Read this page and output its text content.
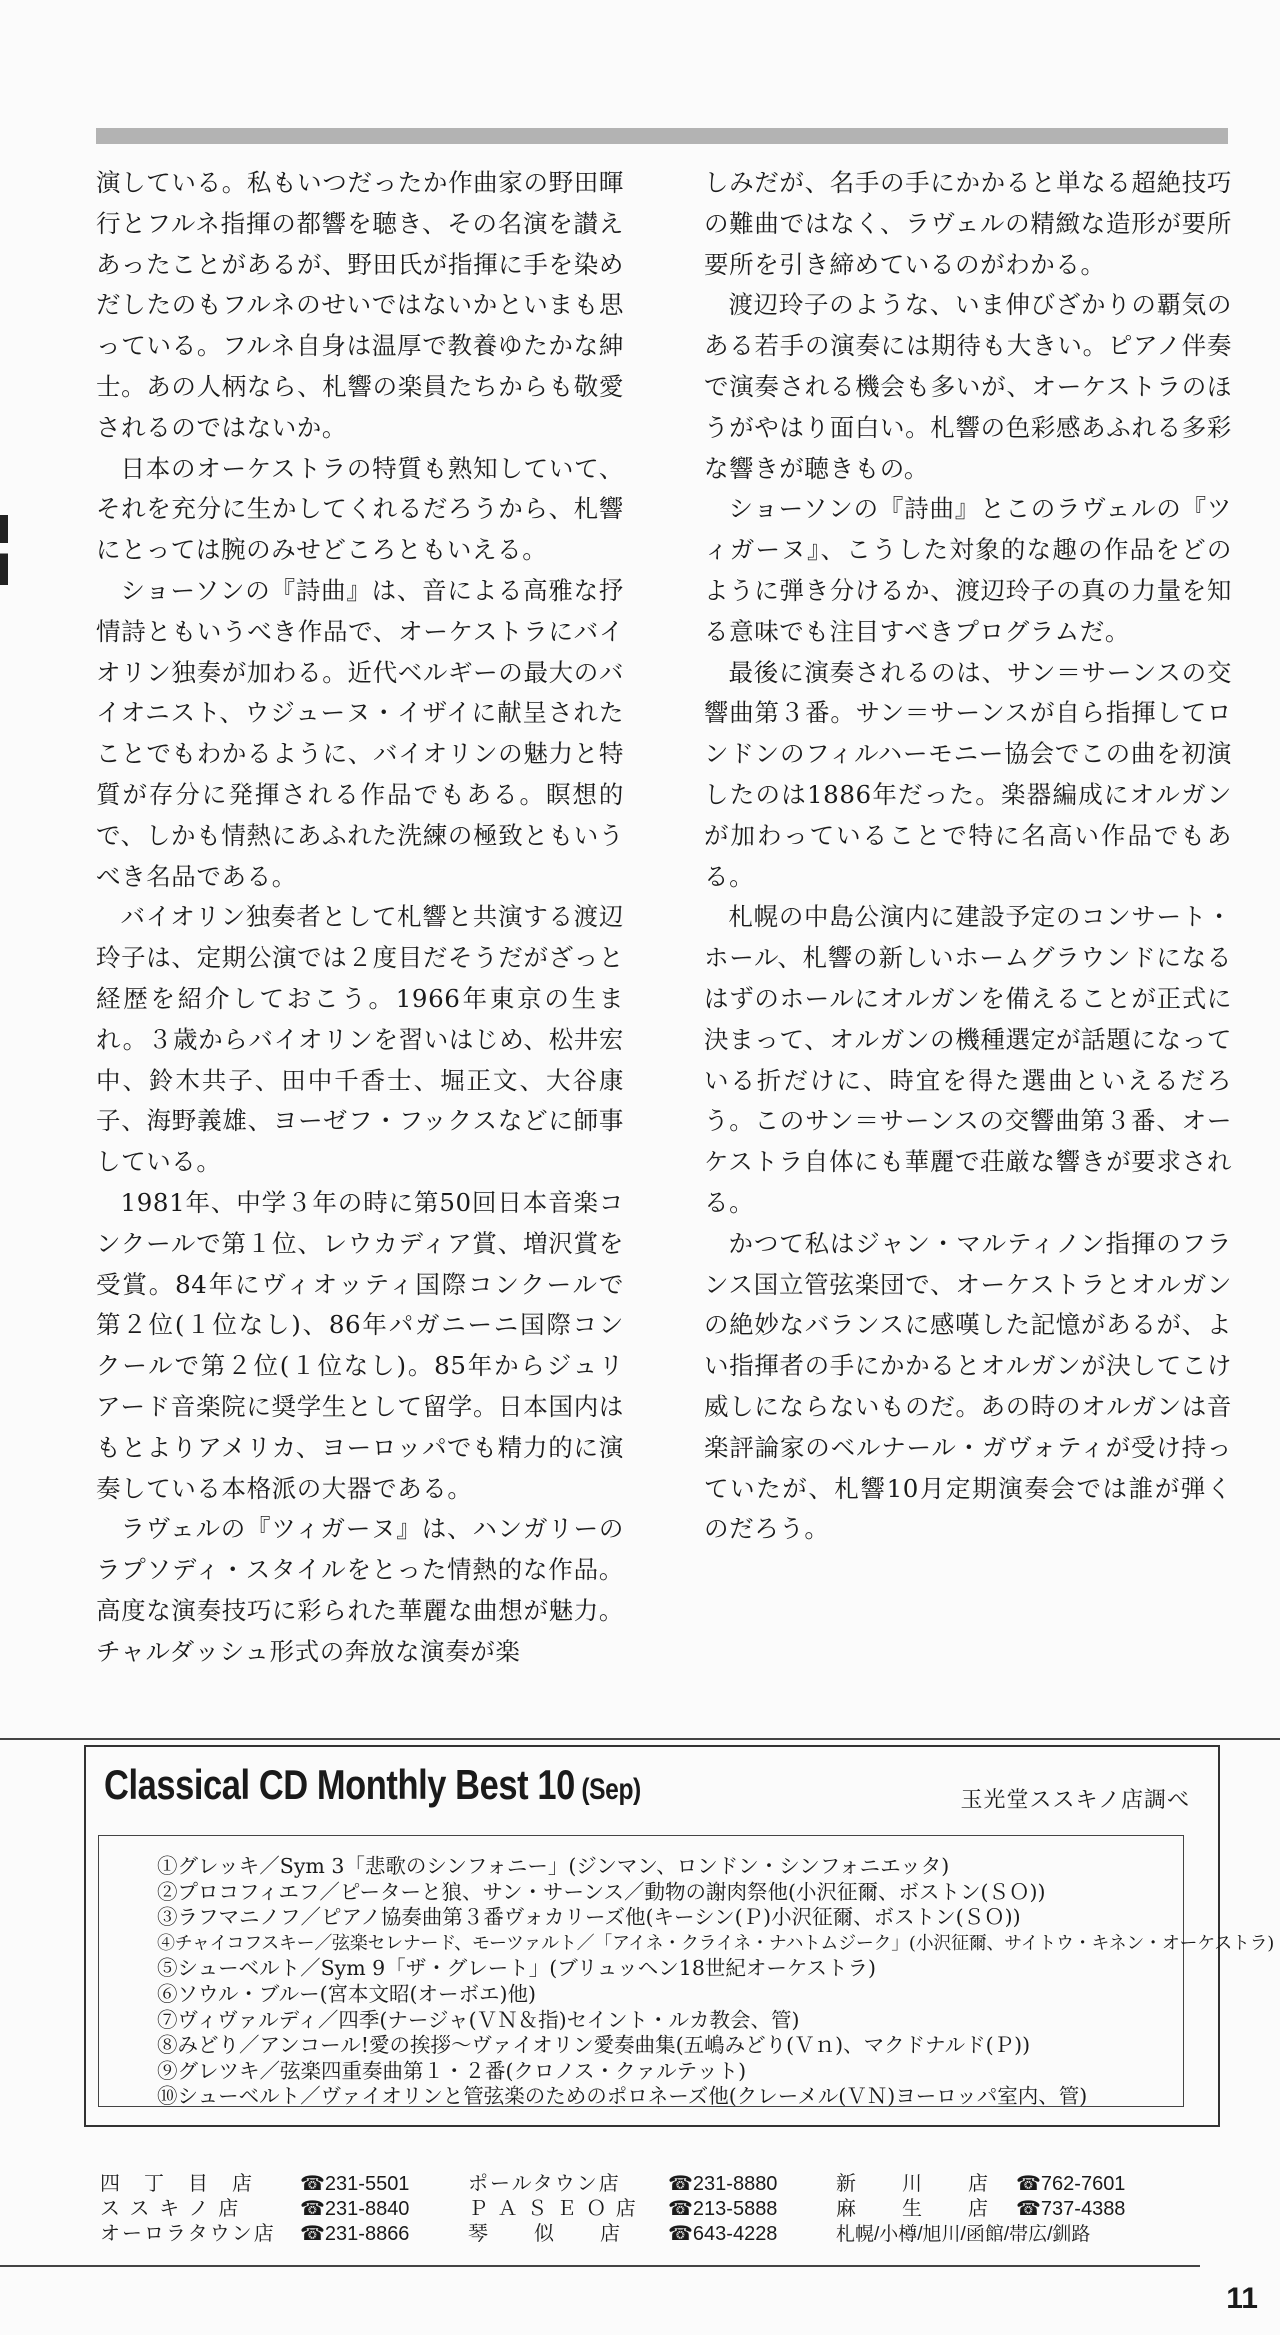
演している。私もいつだったか作曲家の野田暉行とフルネ指揮の都響を聴き、その名演を讃えあったことがあるが、野田氏が指揮に手を染めだしたのもフルネのせいではないかといまも思っている。フルネ自身は温厚で教養ゆたかな紳士。あの人柄なら、札響の楽員たちからも敬愛されるのではないか。

日本のオーケストラの特質も熟知していて、それを充分に生かしてくれるだろうから、札響にとっては腕のみせどころともいえる。

ショーソンの『詩曲』は、音による高雅な抒情詩ともいうべき作品で、オーケストラにバイオリン独奏が加わる。近代ベルギーの最大のバイオニスト、ウジューヌ・イザイに献呈されたことでもわかるように、バイオリンの魅力と特質が存分に発揮される作品でもある。瞑想的で、しかも情熱にあふれた洗練の極致ともいうべき名品である。

バイオリン独奏者として札響と共演する渡辺玲子は、定期公演では２度目だそうだがざっと経歴を紹介しておこう。1966年東京の生まれ。３歳からバイオリンを習いはじめ、松井宏中、鈴木共子、田中千香士、堀正文、大谷康子、海野義雄、ヨーゼフ・フックスなどに師事している。

1981年、中学３年の時に第50回日本音楽コンクールで第１位、レウカディア賞、増沢賞を受賞。84年にヴィオッティ国際コンクールで第２位(１位なし)、86年パガニーニ国際コンクールで第２位(１位なし)。85年からジュリアード音楽院に奨学生として留学。日本国内はもとよりアメリカ、ヨーロッパでも精力的に演奏している本格派の大器である。

ラヴェルの『ツィガーヌ』は、ハンガリーのラプソディ・スタイルをとった情熱的な作品。高度な演奏技巧に彩られた華麗な曲想が魅力。チャルダッシュ形式の奔放な演奏が楽

しみだが、名手の手にかかると単なる超絶技巧の難曲ではなく、ラヴェルの精緻な造形が要所要所を引き締めているのがわかる。

渡辺玲子のような、いま伸びざかりの覇気のある若手の演奏には期待も大きい。ピアノ伴奏で演奏される機会も多いが、オーケストラのほうがやはり面白い。札響の色彩感あふれる多彩な響きが聴きもの。

ショーソンの『詩曲』とこのラヴェルの『ツィガーヌ』、こうした対象的な趣の作品をどのように弾き分けるか、渡辺玲子の真の力量を知る意味でも注目すべきプログラムだ。

最後に演奏されるのは、サン＝サーンスの交響曲第３番。サン＝サーンスが自ら指揮してロンドンのフィルハーモニー協会でこの曲を初演したのは1886年だった。楽器編成にオルガンが加わっていることで特に名高い作品でもある。

札幌の中島公演内に建設予定のコンサート・ホール、札響の新しいホームグラウンドになるはずのホールにオルガンを備えることが正式に決まって、オルガンの機種選定が話題になっている折だけに、時宜を得た選曲といえるだろう。このサン＝サーンスの交響曲第３番、オーケストラ自体にも華麗で荘厳な響きが要求される。

かつて私はジャン・マルティノン指揮のフランス国立管弦楽団で、オーケストラとオルガンの絶妙なバランスに感嘆した記憶があるが、よい指揮者の手にかかるとオルガンが決してこけ威しにならないものだ。あの時のオルガンは音楽評論家のベルナール・ガヴォティが受け持っていたが、札響10月定期演奏会では誰が弾くのだろう。

Classical CD Monthly Best 10 (Sep)	玉光堂ススキノ店調べ
①グレッキ／Sym 3「悲歌のシンフォニー」(ジンマン、ロンドン・シンフォニエッタ)
②プロコフィエフ／ピーターと狼、サン・サーンス／動物の謝肉祭他(小沢征爾、ボストン(ＳＯ))
③ラフマニノフ／ピアノ協奏曲第３番ヴォカリーズ他(キーシン(Ｐ)小沢征爾、ボストン(ＳＯ))
④チャイコフスキー／弦楽セレナード、モーツァルト／「アイネ・クライネ・ナハトムジーク」(小沢征爾、サイトウ・キネン・オーケストラ)
⑤シューベルト／Sym 9「ザ・グレート」(ブリュッヘン18世紀オーケストラ)
⑥ソウル・ブルー(宮本文昭(オーボエ)他)
⑦ヴィヴァルディ／四季(ナージャ(ＶＮ＆指)セイント・ルカ教会、管)
⑧みどり／アンコール!愛の挨拶～ヴァイオリン愛奏曲集(五嶋みどり(Ｖｎ)、マクドナルド(Ｐ))
⑨グレツキ／弦楽四重奏曲第１・２番(クロノス・クァルテット)
⑩シューベルト／ヴァイオリンと管弦楽のためのポロネーズ他(クレーメル(ＶＮ)ヨーロッパ室内、管)
四　丁　目　店	☎231-5501	ポールタウン店	☎231-8880	新　　川　　店	☎762-7601
ス ス キ ノ 店	☎231-8840	Ｐ Ａ Ｓ Ｅ Ｏ 店	☎213-5888	麻　　生　　店	☎737-4388
オーロラタウン店	☎231-8866	琴　　似　　店	☎643-4228	札幌/小樽/旭川/函館/帯広/釧路
11
